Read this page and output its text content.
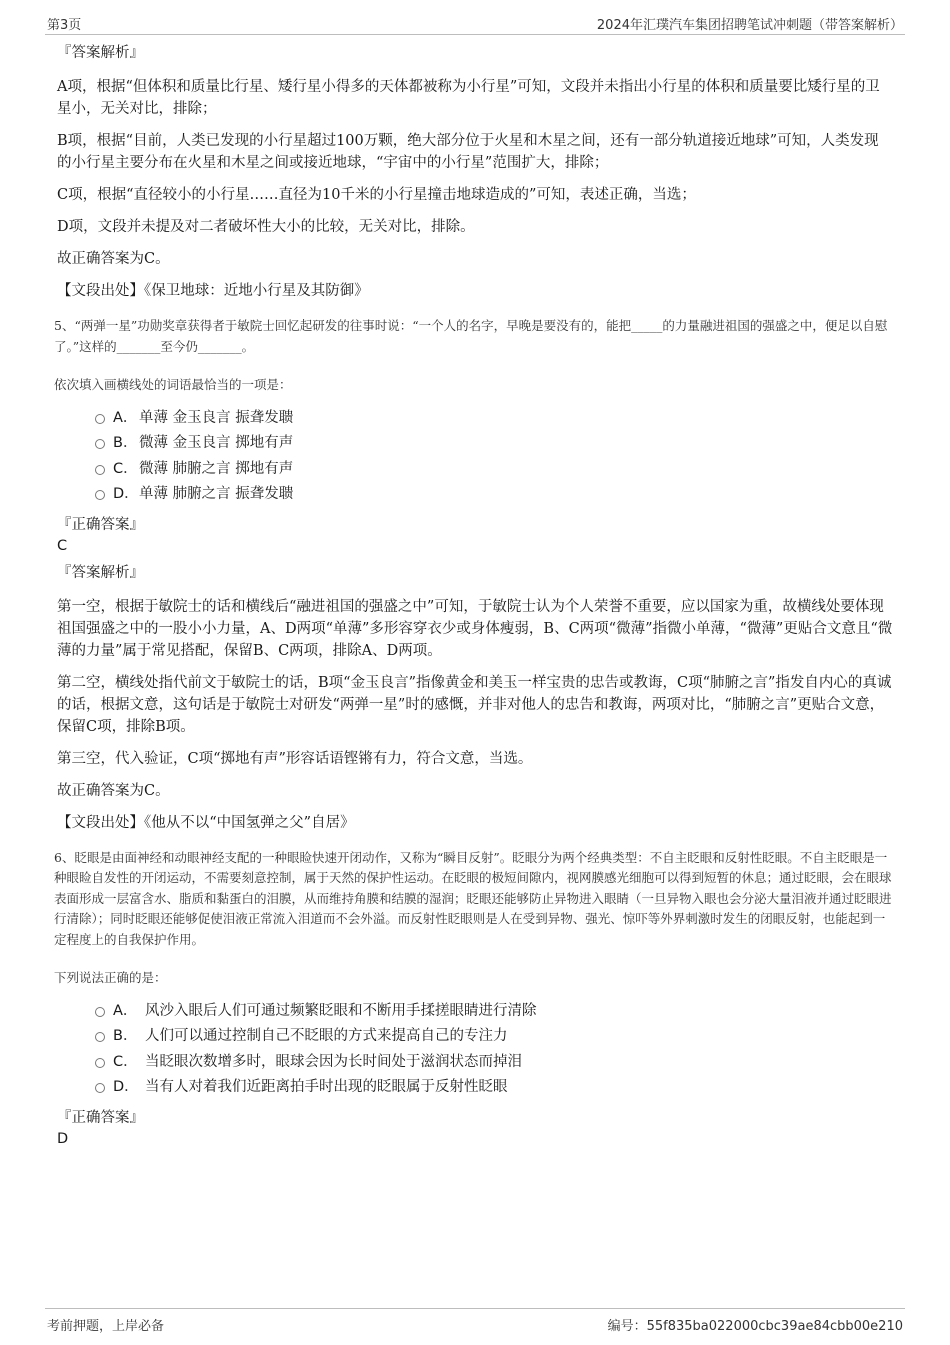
第3页	2024年汇璞汽车集团招聘笔试冲刺题（带答案解析）
『答案解析』

A项，根据“但体积和质量比行星、矮行星小得多的天体都被称为小行星”可知，文段并未指出小行星的体积和质量要比矮行星的卫星小，无关对比，排除；

B项，根据“目前，人类已发现的小行星超过100万颗，绝大部分位于火星和木星之间，还有一部分轨道接近地球”可知，人类发现的小行星主要分布在火星和木星之间或接近地球，“宇宙中的小行星”范围扩大，排除；

C项，根据“直径较小的小行星……直径为10千米的小行星撞击地球造成的”可知，表述正确，当选；

D项，文段并未提及对二者破坏性大小的比较，无关对比，排除。

故正确答案为C。

【文段出处】《保卫地球：近地小行星及其防御》

5、“两弹一星”功勋奖章获得者于敏院士回忆起研发的往事时说：“一个人的名字，早晚是要没有的，能把_____的力量融进祖国的强盛之中，便足以自慰了。”这样的_______至今仍_______。

依次填入画横线处的词语最恰当的一项是：

A． 单薄 金玉良言 振聋发聩
B． 微薄 金玉良言 掷地有声
C．微薄 肺腑之言 掷地有声
D．单薄 肺腑之言 振聋发聩
『正确答案』
C
『答案解析』

第一空，根据于敏院士的话和横线后“融进祖国的强盛之中”可知，于敏院士认为个人荣誉不重要，应以国家为重，故横线处要体现祖国强盛之中的一股小小力量，A、D两项“单薄”多形容穿衣少或身体瘦弱，B、C两项“微薄”指微小单薄，“微薄”更贴合文意且“微薄的力量”属于常见搭配，保留B、C两项，排除A、D两项。

第二空，横线处指代前文于敏院士的话，B项“金玉良言”指像黄金和美玉一样宝贵的忠告或教诲，C项“肺腑之言”指发自内心的真诚的话，根据文意，这句话是于敏院士对研发“两弹一星”时的感慨，并非对他人的忠告和教诲，两项对比，“肺腑之言”更贴合文意，保留C项，排除B项。

第三空，代入验证，C项“掷地有声”形容话语铿锵有力，符合文意，当选。

故正确答案为C。

【文段出处】《他从不以“中国氢弹之父”自居》

6、眨眼是由面神经和动眼神经支配的一种眼睑快速开闭动作，又称为“瞬目反射”。眨眼分为两个经典类型：不自主眨眼和反射性眨眼。不自主眨眼是一种眼睑自发性的开闭运动，不需要刻意控制，属于天然的保护性运动。在眨眼的极短间隙内，视网膜感光细胞可以得到短暂的休息；通过眨眼，会在眼球表面形成一层富含水、脂质和黏蛋白的泪膜，从而维持角膜和结膜的湿润；眨眼还能够防止异物进入眼睛（一旦异物入眼也会分泌大量泪液并通过眨眼进行清除）；同时眨眼还能够促使泪液正常流入泪道而不会外溢。而反射性眨眼则是人在受到异物、强光、惊吓等外界刺激时发生的闭眼反射，也能起到一定程度上的自我保护作用。

下列说法正确的是：

A． 风沙入眼后人们可通过频繁眨眼和不断用手揉搓眼睛进行清除
B． 人们可以通过控制自己不眨眼的方式来提高自己的专注力
C． 当眨眼次数增多时，眼球会因为长时间处于滋润状态而掉泪
D． 当有人对着我们近距离拍手时出现的眨眼属于反射性眨眼
『正确答案』
D
考前押题，上岸必备	编号：55f835ba022000cbc39ae84cbb00e210
